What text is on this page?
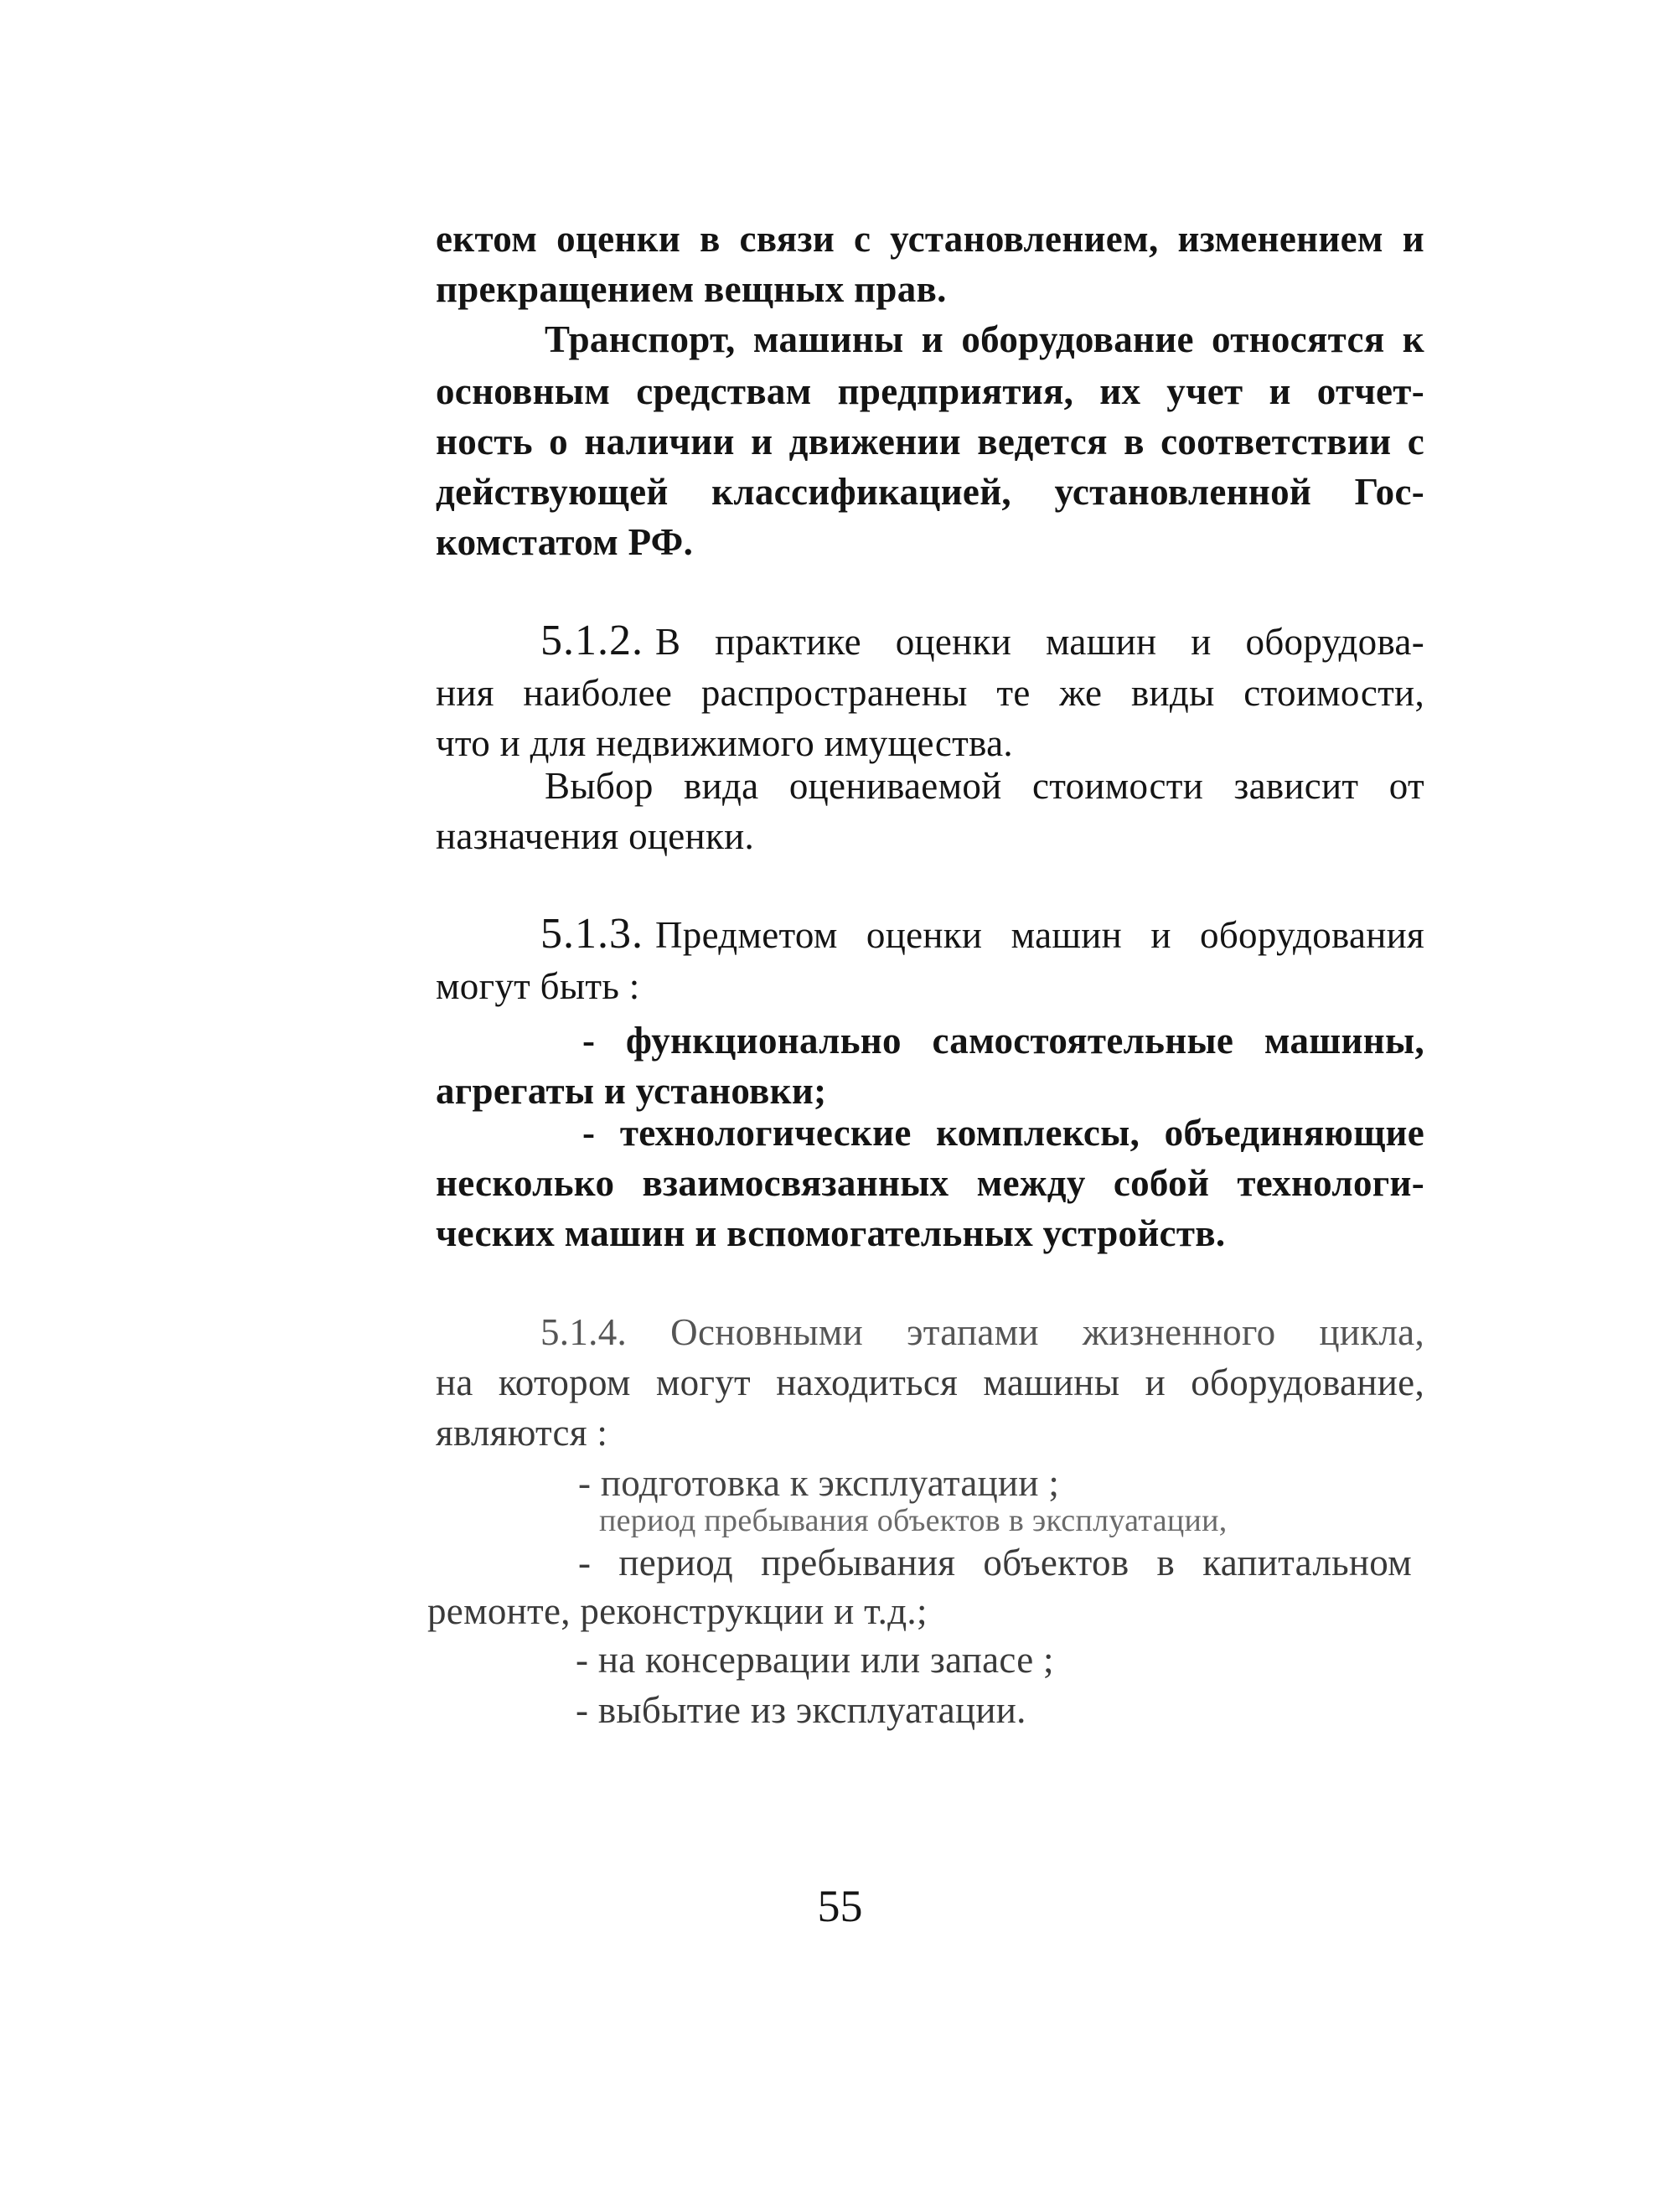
ектом оценки в связи с установлением, изменением и
прекращением вещных прав.
Транспорт, машины и оборудование относятся к
основным средствам предприятия, их учет и отчет-
ность о наличии и движении ведется в соответствии с
действующей классификацией, установленной Гос-
комстатом РФ.
5.1.2. В практике оценки машин и оборудова-
ния наиболее распространены те же виды стоимости,
что и для недвижимого имущества.
Выбор вида оцениваемой стоимости зависит от
назначения оценки.
5.1.3. Предметом оценки машин и оборудования
могут быть :
- функционально самостоятельные машины,
агрегаты и установки;
- технологические комплексы, объединяющие
несколько взаимосвязанных между собой технологи-
ческих машин и вспомогательных устройств.
5.1.4. Основными этапами жизненного цикла,
на котором могут находиться машины и оборудование,
являются :
- подготовка к эксплуатации ;
период пребывания объектов в эксплуатации,
- период пребывания объектов в капитальном
ремонте, реконструкции и т.д.;
- на консервации или запасе ;
- выбытие из эксплуатации.
55
